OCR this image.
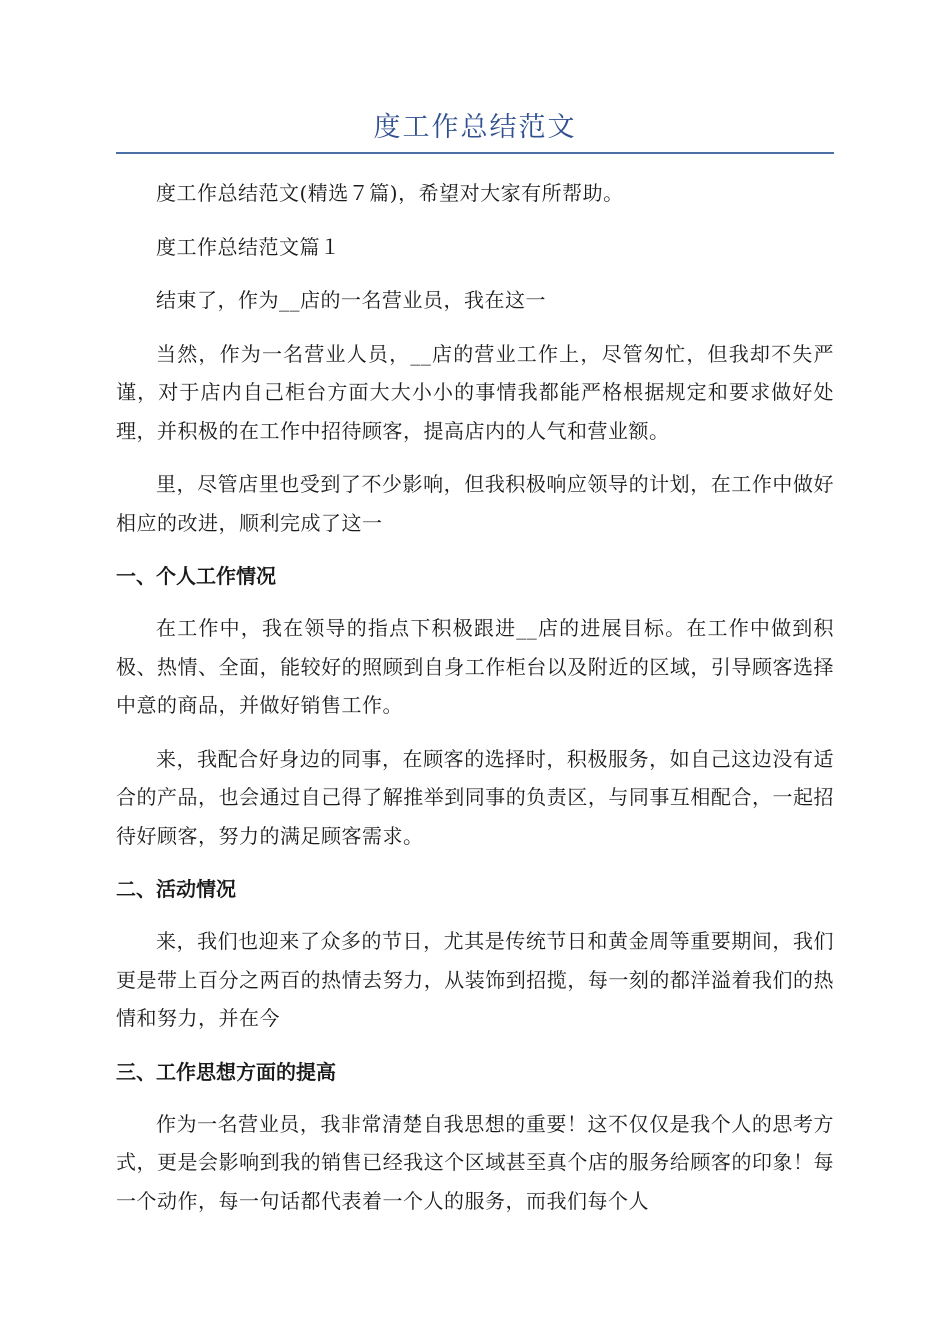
度工作总结范文

度工作总结范文(精选７篇)，希望对大家有所帮助。

度工作总结范文篇１

结束了，作为__店的一名营业员，我在这一

当然，作为一名营业人员，__店的营业工作上，尽管匆忙，但我却不失严谨，对于店内自己柜台方面大大小小的事情我都能严格根据规定和要求做好处理，并积极的在工作中招待顾客，提高店内的人气和营业额。

里，尽管店里也受到了不少影响，但我积极响应领导的计划，在工作中做好相应的改进，顺利完成了这一

一、个人工作情况

在工作中，我在领导的指点下积极跟进__店的进展目标。在工作中做到积极、热情、全面，能较好的照顾到自身工作柜台以及附近的区域，引导顾客选择中意的商品，并做好销售工作。

来，我配合好身边的同事，在顾客的选择时，积极服务，如自己这边没有适合的产品，也会通过自己得了解推举到同事的负责区，与同事互相配合，一起招待好顾客，努力的满足顾客需求。

二、活动情况

来，我们也迎来了众多的节日，尤其是传统节日和黄金周等重要期间，我们更是带上百分之两百的热情去努力，从装饰到招揽，每一刻的都洋溢着我们的热情和努力，并在今

三、工作思想方面的提高

作为一名营业员，我非常清楚自我思想的重要！这不仅仅是我个人的思考方式，更是会影响到我的销售已经我这个区域甚至真个店的服务给顾客的印象！每一个动作，每一句话都代表着一个人的服务，而我们每个人
